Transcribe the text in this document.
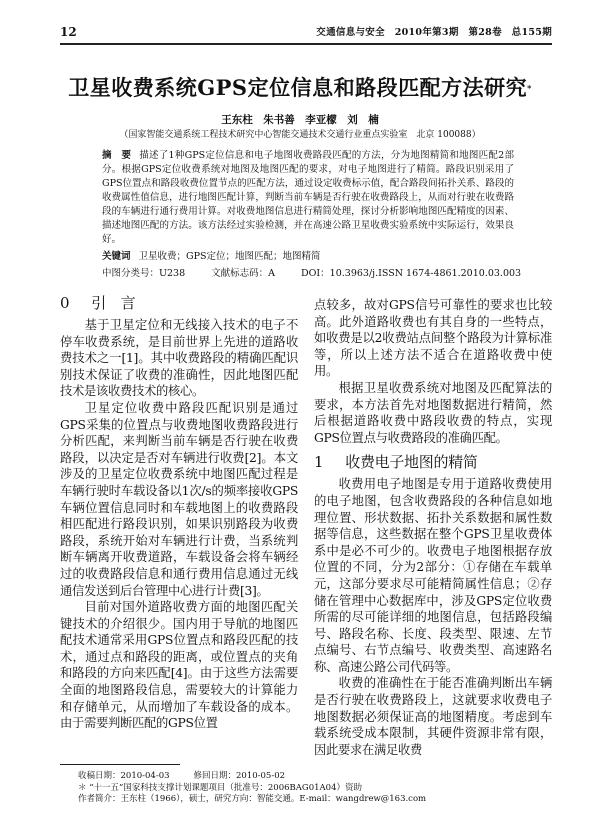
12	交通信息与安全　2010年第3期　第28卷　总155期
卫星收费系统GPS定位信息和路段匹配方法研究*
王东柱　朱书善　李亚檬　刘　楠
（国家智能交通系统工程技术研究中心智能交通技术交通行业重点实验室　北京 100088）
摘　要 描述了1种GPS定位信息和电子地图收费路段匹配的方法，分为地图精简和地图匹配2部分。根据GPS定位收费系统对地图及地图匹配的要求，对电子地图进行了精简。路段识别采用了GPS位置点和路段收费位置节点的匹配方法，通过设定收费标示值，配合路段间拓扑关系、路段的收费属性值信息，进行地图匹配计算，判断当前车辆是否行驶在收费路段上，从而对行驶在收费路段的车辆进行通行费用计算。对收费地图信息进行精简处理，探讨分析影响地图匹配精度的因素、描述地图匹配的方法。该方法经过实验检测，并在高速公路卫星收费实验系统中实际运行，效果良好。
关键词 卫星收费；GPS定位；地图匹配；地图精简
中图分类号：U238	文献标志码：A	DOI：10.3963/j.ISSN 1674-4861.2010.03.003
0 引　言

基于卫星定位和无线接入技术的电子不停车收费系统，是目前世界上先进的道路收费技术之一[1]。其中收费路段的精确匹配识别技术保证了收费的准确性，因此地图匹配技术是该收费技术的核心。

卫星定位收费中路段匹配识别是通过GPS采集的位置点与收费地图收费路段进行分析匹配，来判断当前车辆是否行驶在收费路段，以决定是否对车辆进行收费[2]。本文涉及的卫星定位收费系统中地图匹配过程是车辆行驶时车载设备以1次/s的频率接收GPS车辆位置信息同时和车载地图上的收费路段相匹配进行路段识别，如果识别路段为收费路段，系统开始对车辆进行计费，当系统判断车辆离开收费道路，车载设备会将车辆经过的收费路段信息和通行费用信息通过无线通信发送到后台管理中心进行计费[3]。

目前对国外道路收费方面的地图匹配关键技术的介绍很少。国内用于导航的地图匹配技术通常采用GPS位置点和路段匹配的技术，通过点和路段的距离，或位置点的夹角和路段的方向来匹配[4]。由于这些方法需要全面的地图路段信息，需要较大的计算能力和存储单元，从而增加了车载设备的成本。由于需要判断匹配的GPS位置

点较多，故对GPS信号可靠性的要求也比较高。此外道路收费也有其自身的一些特点，如收费是以2收费站点间整个路段为计算标准等，所以上述方法不适合在道路收费中使用。

根据卫星收费系统对地图及匹配算法的要求，本方法首先对地图数据进行精简，然后根据道路收费中路段收费的特点，实现GPS位置点与收费路段的准确匹配。

1 收费电子地图的精简

收费用电子地图是专用于道路收费使用的电子地图，包含收费路段的各种信息如地理位置、形状数据、拓扑关系数据和属性数据等信息，这些数据在整个GPS卫星收费体系中是必不可少的。收费电子地图根据存放位置的不同，分为2部分：①存储在车载单元，这部分要求尽可能精简属性信息；②存储在管理中心数据库中，涉及GPS定位收费所需的尽可能详细的地图信息，包括路段编号、路段名称、长度、段类型、限速、左节点编号、右节点编号、收费类型、高速路名称、高速公路公司代码等。

收费的准确性在于能否准确判断出车辆是否行驶在收费路段上，这就要求收费电子地图数据必须保证高的地图精度。考虑到车载系统受成本限制，其硬件资源非常有限，因此要求在满足收费

收稿日期：2010-04-03	修回日期：2010-05-02
＊ “十一五”国家科技支撑计划课题项目（批准号：2006BAG01A04）资助
作者简介：王东柱（1966），硕士，研究方向：智能交通。E-mail：wangdrew@163.com
